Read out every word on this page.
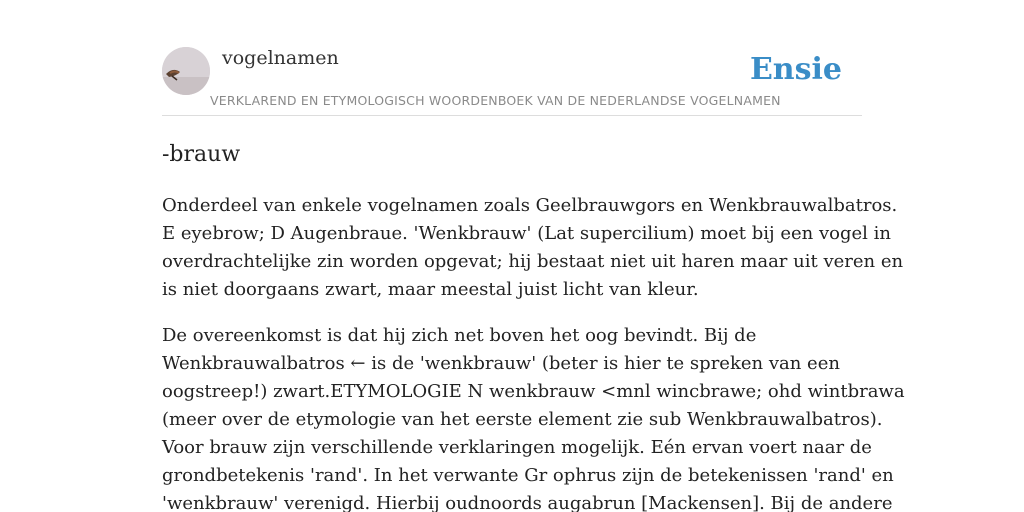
vogelnamen
VERKLAREND EN ETYMOLOGISCH WOORDENBOEK VAN DE NEDERLANDSE VOGELNAMEN
Ensie
-brauw

Onderdeel van enkele vogelnamen zoals Geelbrauwgors en Wenkbrauwalbatros.
E eyebrow; D Augenbraue. 'Wenkbrauw' (Lat supercilium) moet bij een vogel in
overdrachtelijke zin worden opgevat; hij bestaat niet uit haren maar uit veren en
is niet doorgaans zwart, maar meestal juist licht van kleur.

De overeenkomst is dat hij zich net boven het oog bevindt. Bij de
Wenkbrauwalbatros ← is de 'wenkbrauw' (beter is hier te spreken van een
oogstreep!) zwart.ETYMOLOGIE N wenkbrauw <mnl wincbrawe; ohd wintbrawa
(meer over de etymologie van het eerste element zie sub Wenkbrauwalbatros).
Voor brauw zijn verschillende verklaringen mogelijk. Eén ervan voert naar de
grondbetekenis 'rand'. In het verwante Gr ophrus zijn de betekenissen 'rand' en
'wenkbrauw' verenigd. Hierbij oudnoords augabrun [Mackensen]. Bij de andere
